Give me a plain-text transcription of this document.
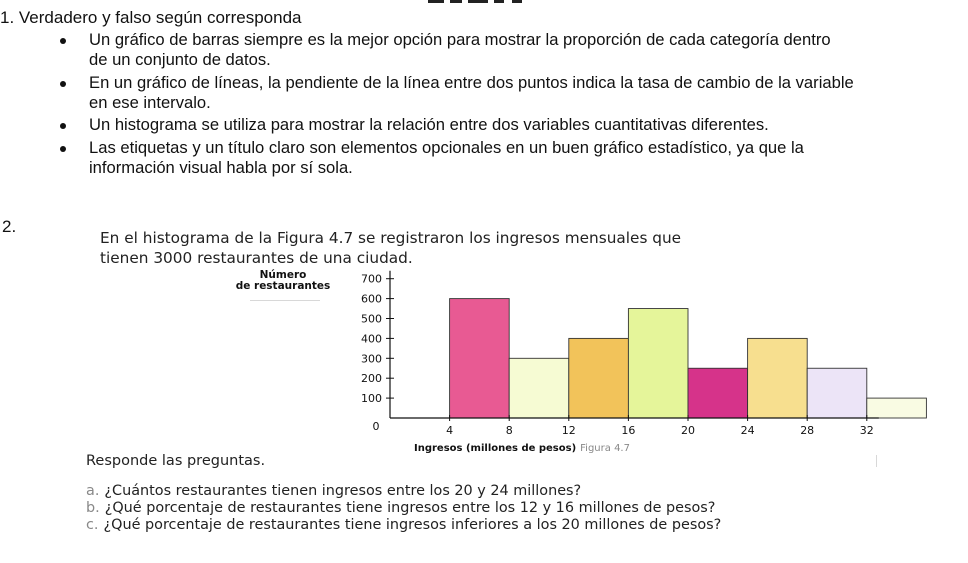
1. Verdadero y falso según corresponda
Un gráfico de barras siempre es la mejor opción para mostrar la proporción de cada categoría dentro
de un conjunto de datos.
En un gráfico de líneas, la pendiente de la línea entre dos puntos indica la tasa de cambio de la variable
en ese intervalo.
Un histograma se utiliza para mostrar la relación entre dos variables cuantitativas diferentes.
Las etiquetas y un título claro son elementos opcionales en un buen gráfico estadístico, ya que la
información visual habla por sí sola.
2.
En el histograma de la Figura 4.7 se registraron los ingresos mensuales que
tienen 3000 restaurantes de una ciudad.
Número
de restaurantes
100
200
300
400
500
600
700
4	8	12	16	20	24	28	32
0
Ingresos (millones de pesos) Figura 4.7
Responde las preguntas.
a. ¿Cuántos restaurantes tienen ingresos entre los 20 y 24 millones?
b. ¿Qué porcentaje de restaurantes tiene ingresos entre los 12 y 16 millones de pesos?
c. ¿Qué porcentaje de restaurantes tiene ingresos inferiores a los 20 millones de pesos?
